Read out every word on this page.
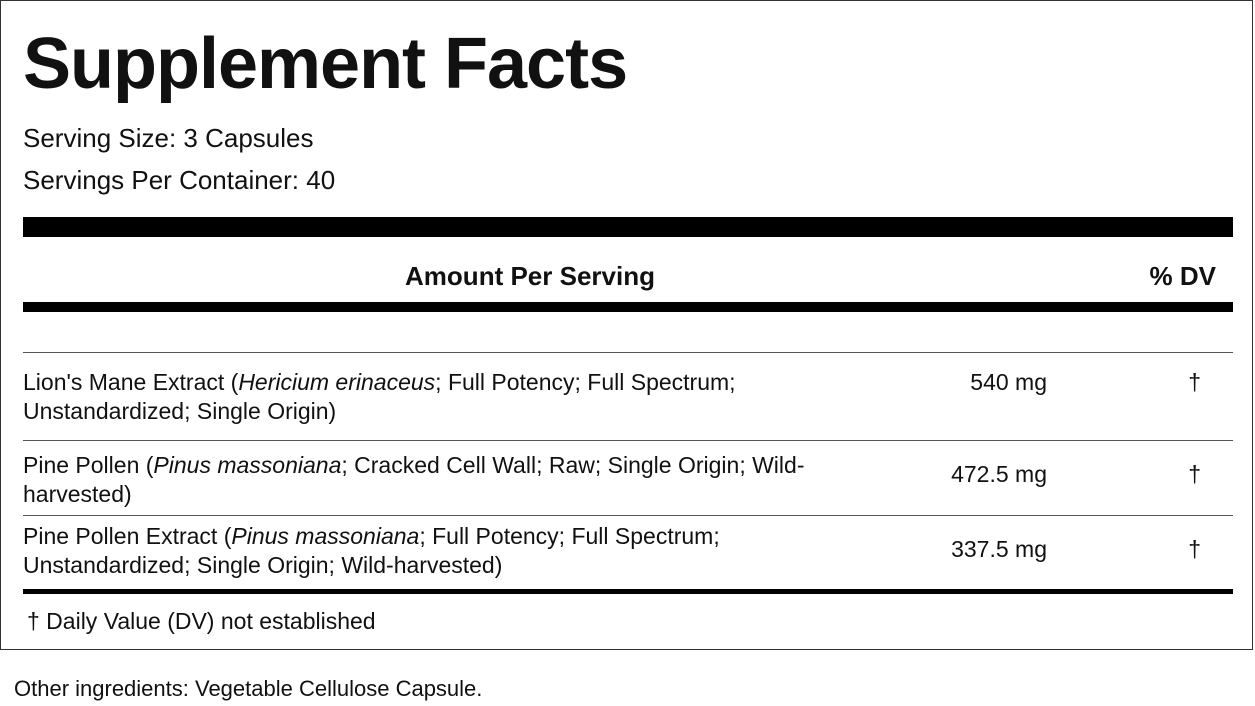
Supplement Facts
Serving Size: 3 Capsules
Servings Per Container: 40
Amount Per Serving	% DV
Lion's Mane Extract (Hericium erinaceus; Full Potency; Full Spectrum; Unstandardized; Single Origin)
540 mg	†
Pine Pollen (Pinus massoniana; Cracked Cell Wall; Raw; Single Origin; Wild-harvested)
472.5 mg	†
Pine Pollen Extract (Pinus massoniana; Full Potency; Full Spectrum; Unstandardized; Single Origin; Wild-harvested)
337.5 mg	†
† Daily Value (DV) not established
Other ingredients: Vegetable Cellulose Capsule.
